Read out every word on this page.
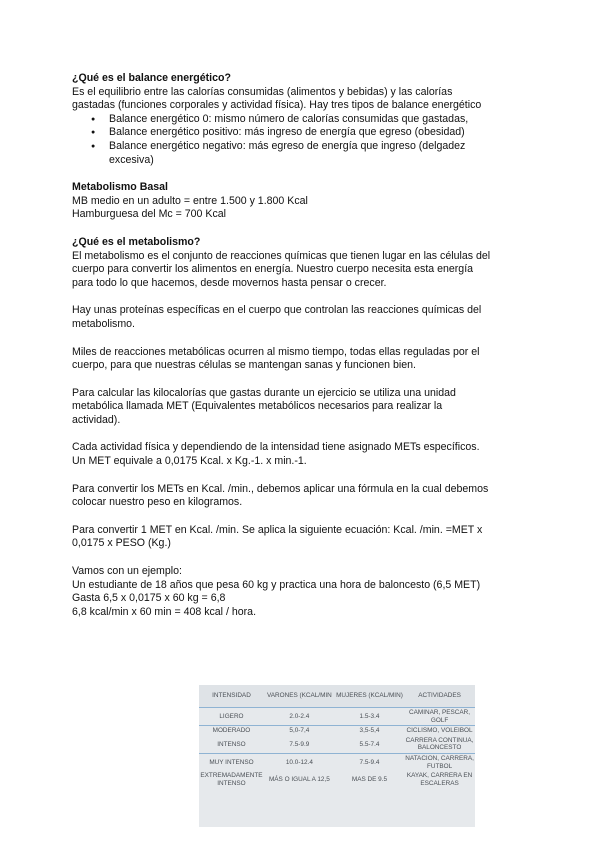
¿Qué es el balance energético?

Es el equilibrio entre las calorías consumidas (alimentos y bebidas) y las calorías gastadas (funciones corporales y actividad física). Hay tres tipos de balance energético

● Balance energético 0: mismo número de calorías consumidas que gastadas,
● Balance energético positivo: más ingreso de energía que egreso (obesidad)
● Balance energético negativo: más egreso de energía que ingreso (delgadez excesiva)
Metabolismo Basal

MB medio en un adulto = entre 1.500 y 1.800 Kcal

Hamburguesa del Mc = 700 Kcal

¿Qué es el metabolismo?

El metabolismo es el conjunto de reacciones químicas que tienen lugar en las células del cuerpo para convertir los alimentos en energía. Nuestro cuerpo necesita esta energía para todo lo que hacemos, desde movernos hasta pensar o crecer.

Hay unas proteínas específicas en el cuerpo que controlan las reacciones químicas del metabolismo.

Miles de reacciones metabólicas ocurren al mismo tiempo, todas ellas reguladas por el cuerpo, para que nuestras células se mantengan sanas y funcionen bien.

Para calcular las kilocalorías que gastas durante un ejercicio se utiliza una unidad metabólica llamada MET (Equivalentes metabólicos necesarios para realizar la actividad).

Cada actividad física y dependiendo de la intensidad tiene asignado METs específicos. Un MET equivale a 0,0175 Kcal. x Kg.-1. x min.-1.

Para convertir los METs en Kcal. /min., debemos aplicar una fórmula en la cual debemos colocar nuestro peso en kilogramos.

Para convertir 1 MET en Kcal. /min. Se aplica la siguiente ecuación: Kcal. /min. =MET x 0,0175 x PESO (Kg.)

Vamos con un ejemplo:

Un estudiante de 18 años que pesa 60 kg y practica una hora de baloncesto (6,5 MET) Gasta 6,5 x 0,0175 x 60 kg = 6,8

6,8 kcal/min x 60 min = 408 kcal / hora.

INTENSIDAD	VARONES (KCAL/MIN	MUJERES (KCAL/MIN)	ACTIVIDADES
LIGERO	2.0-2.4	1.5-3.4	CAMINAR, PESCAR, GOLF
MODERADO	5,0-7,4	3,5-5,4	CICLISMO, VOLEIBOL
INTENSO	7.5-9.9	5.5-7.4	CARRERA CONTINUA, BALONCESTO
MUY INTENSO	10.0-12.4	7.5-9.4	NATACION, CARRERA, FUTBOL
EXTREMADAMENTE INTENSO	MÁS O IGUAL A 12,5	MAS DE 9.5	KAYAK, CARRERA EN ESCALERAS
